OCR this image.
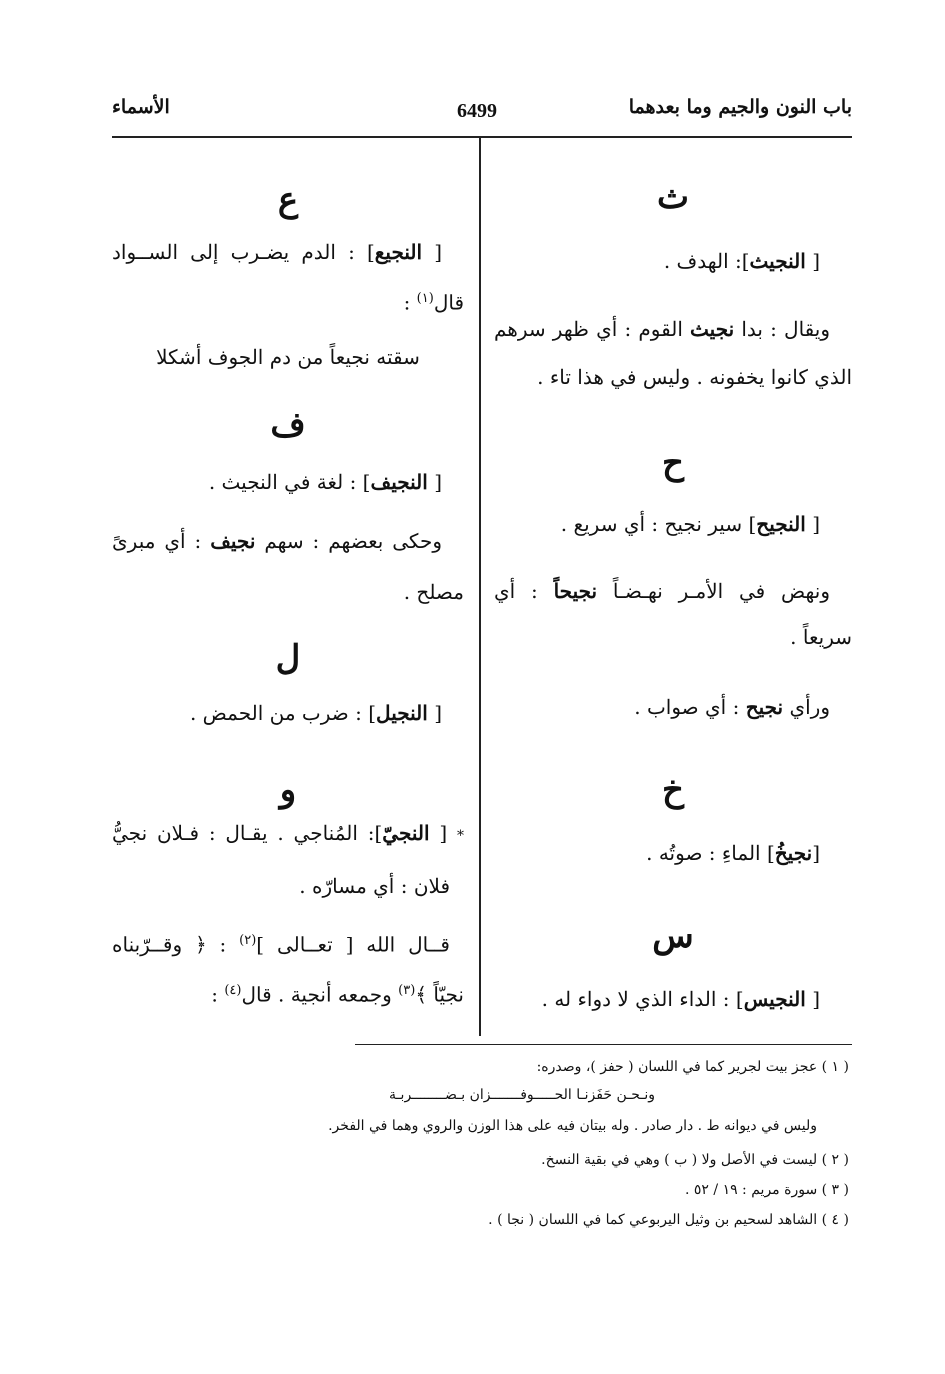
باب النون والجيم وما بعدهما
6499
الأسماء
ث
[ النجيث]: الهدف .
ويقال : بدا نجيث القوم : أي ظهر سرهم
الذي كانوا يخفونه . وليس في هذا تاء .
ح
[ النجيح] سير نجيح : أي سريع .
ونهض في الأمـر نهـضـاً نجيحاً : أي
سريعاً .
ورأي نجيح : أي صواب .
خ
[نجيخُ] الماءِ : صوتُه .
س
[ النجيس] : الداء الذي لا دواء له .
ع
[ النجيع] : الدم يضـرب إلى الســواد
قال$^{(١)}$ :
سقته نجيعاً من دم الجوف أشكلا
ف
[ النجيف] : لغة في النجيث .
وحكى بعضهم : سهم نجيف : أي مبرىً
مصلح .
ل
[ النجيل] : ضرب من الحمض .
و
* [ النجيّ]: المُناجي . يقـال : فـلان نجيُّ
فلان : أي مسارّه .
قــال الله [ تعــالى ]$^{(٢)}$ : ﴿ وقــرّبناه
نجيّاً ﴾$^{(٣)}$ وجمعه أنجية . قال$^{(٤)}$ :
( ١ ) عجز بيت لجرير كما في اللسان ( حفز )، وصدره:
ونـحـن حَفَزنـا الحـــــوفـــــــزان بـضــــــــربـة
وليس في ديوانه ط . دار صادر . وله بيتان فيه على هذا الوزن والروي وهما في الفخر.
( ٢ ) ليست في الأصل ولا ( ب ) وهي في بقية النسخ.
( ٣ ) سورة مريم : ١٩ / ٥٢ .
( ٤ ) الشاهد لسحيم بن وثيل اليربوعي كما في اللسان ( نجا ) .
